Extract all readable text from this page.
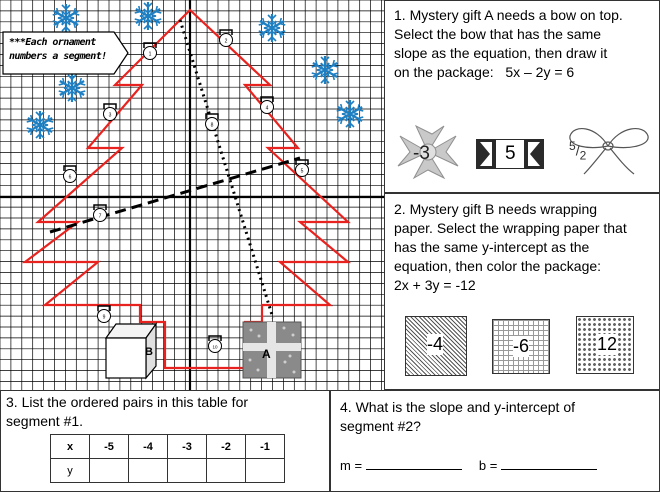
B	A
1
2
3
4
8
6
5
7
9
10
***Each ornament numbers a segment!
1. Mystery gift A needs a bow on top.
Select the bow that has the same
slope as the equation, then draw it
on the package: 5x – 2y = 6
-3	5	$^5/_2$
2. Mystery gift B needs wrapping
paper. Select the wrapping paper that
has the same y-intercept as the
equation, then color the package:
2x + 3y = -12
-4	-6	12
3. List the ordered pairs in this table for
segment #1.
x	-5	-4	-3	-2	-1
y					
4. What is the slope and y-intercept of
segment #2?
m =	b =
